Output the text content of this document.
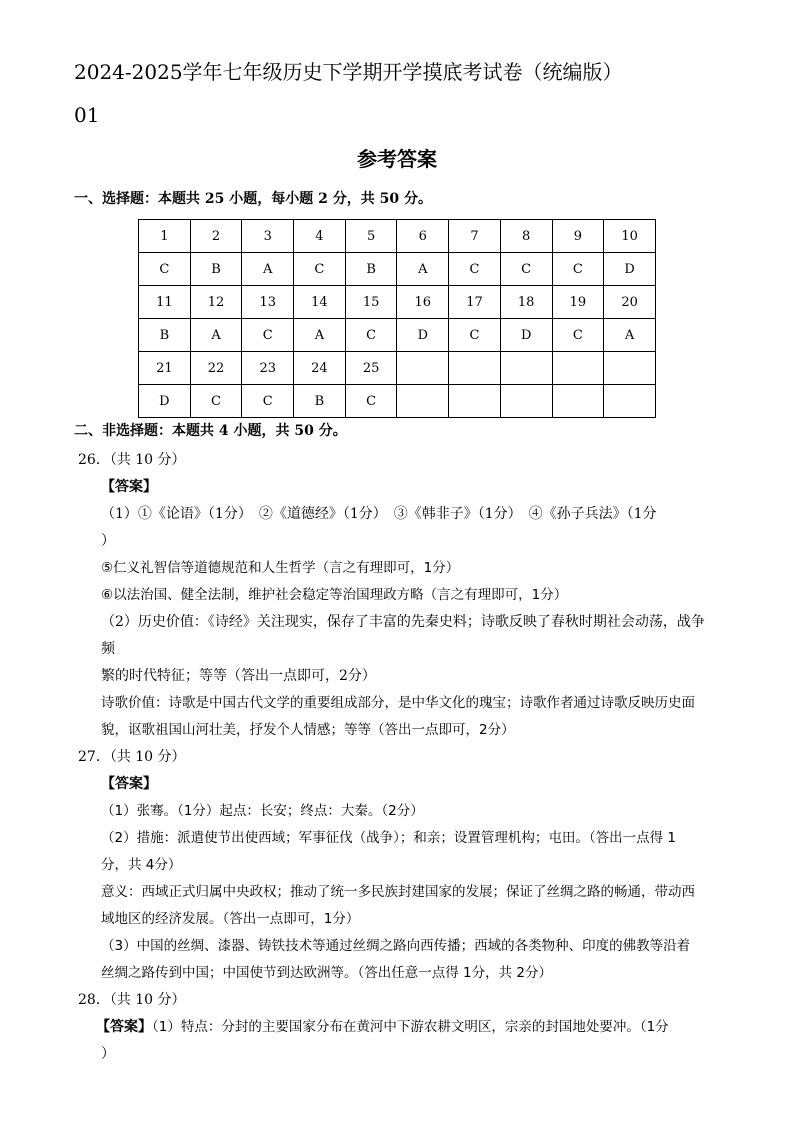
2024-2025学年七年级历史下学期开学摸底考试卷（统编版）
01
参考答案
一、选择题：本题共 25 小题，每小题 2 分，共 50 分。
1	2	3	4	5	6	7	8	9	10
C	B	A	C	B	A	C	C	C	D
11	12	13	14	15	16	17	18	19	20
B	A	C	A	C	D	C	D	C	A
21	22	23	24	25					
D	C	C	B	C					
二、非选择题：本题共 4 小题，共 50 分。
26．（共 10 分）
【答案】
（1）①《论语》（1分）　②《道德经》（1分）　③《韩非子》（1分）　④《孙子兵法》（1分
）
⑤仁义礼智信等道德规范和人生哲学（言之有理即可，1分）
⑥以法治国、健全法制，维护社会稳定等治国理政方略（言之有理即可，1分）
（2）历史价值：《诗经》关注现实，保存了丰富的先秦史料；诗歌反映了春秋时期社会动荡，战争
频
繁的时代特征；等等（答出一点即可，2分）
诗歌价值：诗歌是中国古代文学的重要组成部分，是中华文化的瑰宝；诗歌作者通过诗歌反映历史面
貌，讴歌祖国山河壮美，抒发个人情感；等等（答出一点即可，2分）
27．（共 10 分）
【答案】
（1）张骞。（1分）起点：长安；终点：大秦。（2分）
（2）措施：派遣使节出使西域；军事征伐（战争）；和亲；设置管理机构；屯田。（答出一点得 1
分，共 4分）
意义：西域正式归属中央政权；推动了统一多民族封建国家的发展；保证了丝绸之路的畅通，带动西
域地区的经济发展。（答出一点即可，1分）
（3）中国的丝绸、漆器、铸铁技术等通过丝绸之路向西传播；西域的各类物种、印度的佛教等沿着
丝绸之路传到中国；中国使节到达欧洲等。（答出任意一点得 1分，共 2分）
28．（共 10 分）
【答案】（1）特点：分封的主要国家分布在黄河中下游农耕文明区，宗亲的封国地处要冲。（1分
）
